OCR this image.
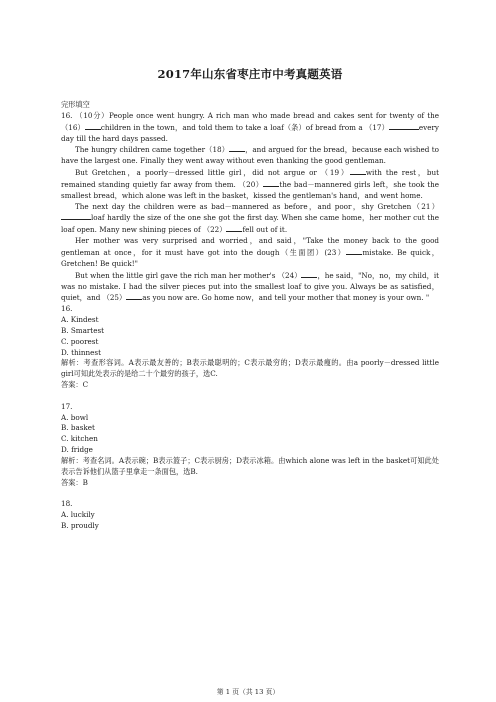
2017年山东省枣庄市中考真题英语

完形填空

16. （10分）People once went hungry. A rich man who made bread and cakes sent for twenty of the（16） children in the town，and told them to take a loaf（条）of bread from a （17）	every day till the hard days passed.

The hungry children came together（18） ，and argued for the bread，because each wished to have the largest one. Finally they went away without even thanking the good gentleman.

But Gretchen，a poorly－dressed little girl，did not argue or （19） with the rest，but remained standing quietly far away from them. （20） the bad－mannered girls left，she took the smallest bread，which alone was left in the basket，kissed the gentleman's hand，and went home.

The next day the children were as bad－mannered as before，and poor，shy Gretchen（21）loaf hardly the size of the one she got the first day. When she came home，her mother cut the loaf open. Many new shining pieces of （22） fell out of it.

Her mother was very surprised and worried，and said，"Take the money back to the good gentleman at once，for it must have got into the dough（生面团）(23） mistake. Be quick，Gretchen! Be quick!"

But when the little girl gave the rich man her mother's （24） ，he said，"No，no，my child，it was no mistake. I had the silver pieces put into the smallest loaf to give you. Always be as satisfied，quiet，and （25） as you now are. Go home now，and tell your mother that money is your own. "

16.

A. Kindest

B. Smartest

C. poorest

D. thinnest

解析：考查形容词。A表示最友善的；B表示最聪明的；C表示最穷的；D表示最瘦的。由a poorly－dressed little girl可知此处表示的是给二十个最穷的孩子，选C.

答案：C

17.

A. bowl

B. basket

C. kitchen

D. fridge

解析：考查名词。A表示碗；B表示篮子；C表示厨房；D表示冰箱。由which alone was left in the basket可知此处表示告诉他们从篮子里拿走一条面包，选B.

答案：B

18.

A. luckily

B. proudly

第 1 页（共 13 页）
